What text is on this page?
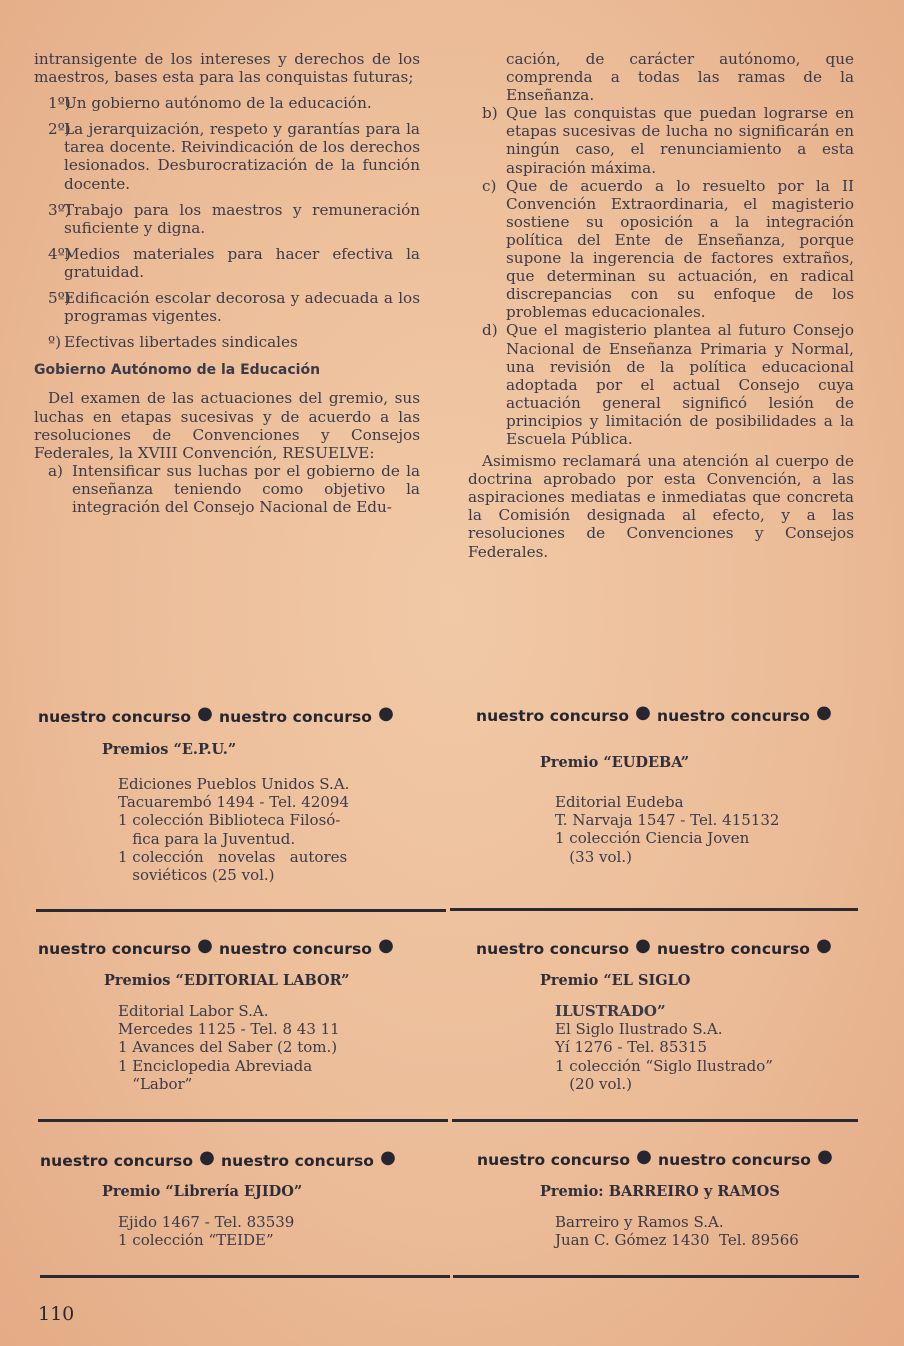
intransigente de los intereses y derechos de los maestros, bases esta para las conquistas futuras;
1º)
Un gobierno autónomo de la educación.
2º)
La jerarquización, respeto y garantías para la tarea docente. Reivindicación de los derechos lesionados. Desburocratización de la función docente.
3º)
Trabajo para los maestros y remuneración suficiente y digna.
4º)
Medios materiales para hacer efectiva la gratuidad.
5º)
Edificación escolar decorosa y adecuada a los programas vigentes.
º) Efectivas libertades sindicales
Gobierno Autónomo de la Educación
Del examen de las actuaciones del gremio, sus luchas en etapas sucesivas y de acuerdo a las resoluciones de Convenciones y Consejos Federales, la XVIII Convención, RESUELVE:
a) Intensificar sus luchas por el gobierno de la enseñanza teniendo como objetivo la integración del Consejo Nacional de Edu-
cación, de carácter autónomo, que comprenda a todas las ramas de la Enseñanza.
b) Que las conquistas que puedan lograrse en etapas sucesivas de lucha no significarán en ningún caso, el renunciamiento a esta aspiración máxima.
c) Que de acuerdo a lo resuelto por la II Convención Extraordinaria, el magisterio sostiene su oposición a la integración política del Ente de Enseñanza, porque supone la ingerencia de factores extraños, que determinan su actuación, en radical discrepancias con su enfoque de los problemas educacionales.
d) Que el magisterio plantea al futuro Consejo Nacional de Enseñanza Primaria y Normal, una revisión de la política educacional adoptada por el actual Consejo cuya actuación general significó lesión de principios y limitación de posibilidades a la Escuela Pública.
Asimismo reclamará una atención al cuerpo de doctrina aprobado por esta Convención, a las aspiraciones mediatas e inmediatas que concreta la Comisión designada al efecto, y a las resoluciones de Convenciones y Consejos Federales.
nuestro concurso ● nuestro concurso ●	nuestro concurso ● nuestro concurso ●
Premios “E.P.U.”
Ediciones Pueblos Unidos S.A.
Tacuarembó 1494 - Tel. 42094
1 colección Biblioteca Filosó-
fica para la Juventud.
1 colección   novelas   autores
soviéticos (25 vol.)
Premio “EUDEBA”
Editorial Eudeba
T. Narvaja 1547 - Tel. 415132
1 colección Ciencia Joven
(33 vol.)
nuestro concurso ● nuestro concurso ●	nuestro concurso ● nuestro concurso ●
Premios “EDITORIAL LABOR”
Editorial Labor S.A.
Mercedes 1125 - Tel. 8 43 11
1 Avances del Saber (2 tom.)
1 Enciclopedia Abreviada
“Labor”
Premio “EL SIGLO
ILUSTRADO”
El Siglo Ilustrado S.A.
Yí 1276 - Tel. 85315
1 colección “Siglo Ilustrado”
(20 vol.)
nuestro concurso ● nuestro concurso ●	nuestro concurso ● nuestro concurso ●
Premio “Librería EJIDO”
Ejido 1467 - Tel. 83539
1 colección “TEIDE”
Premio: BARREIRO y RAMOS
Barreiro y Ramos S.A.
Juan C. Gómez 1430  Tel. 89566
110
